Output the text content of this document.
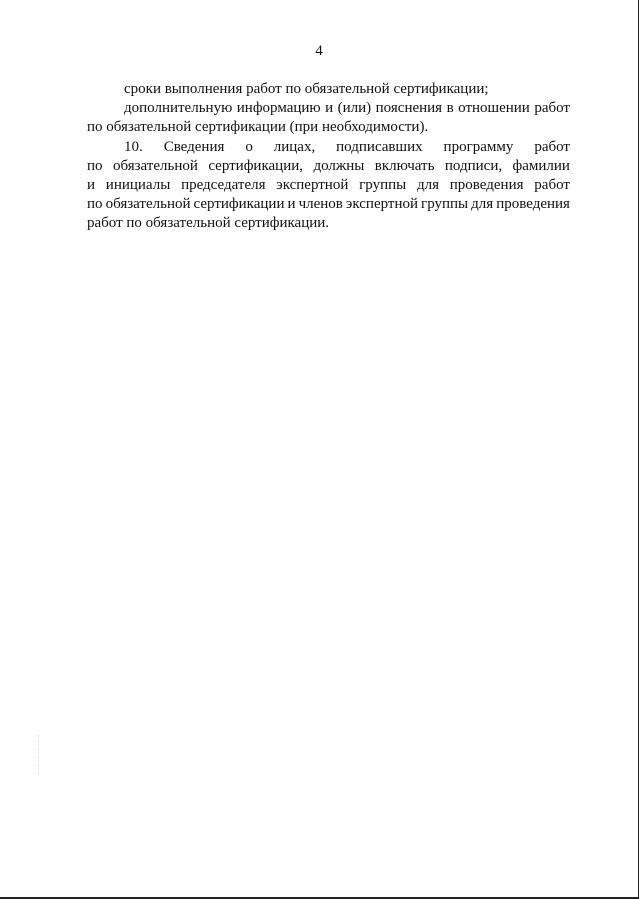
4
сроки выполнения работ по обязательной сертификации;
дополнительную информацию и (или) пояснения в отношении работ
по обязательной сертификации (при необходимости).
10. Сведения о лицах, подписавших программу работ
по обязательной сертификации, должны включать подписи, фамилии
и инициалы председателя экспертной группы для проведения работ
по обязательной сертификации и членов экспертной группы для проведения
работ по обязательной сертификации.
